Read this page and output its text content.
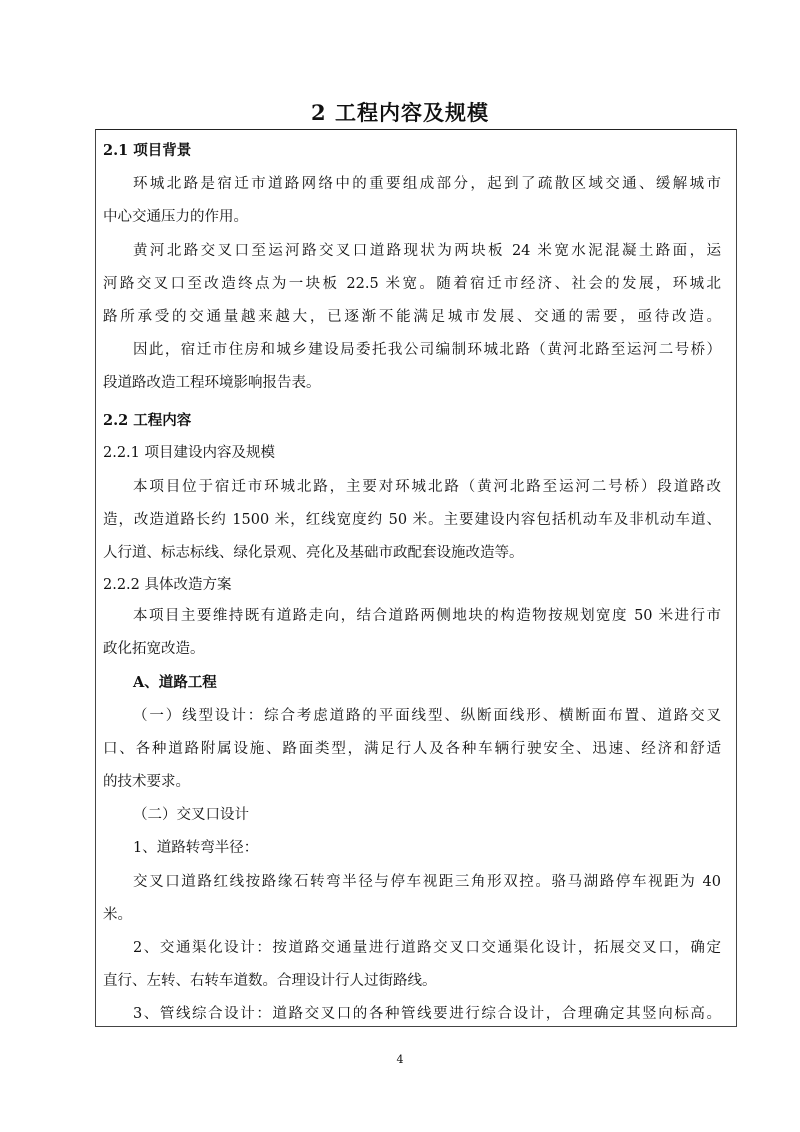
2 工程内容及规模
2.1 项目背景
环城北路是宿迁市道路网络中的重要组成部分，起到了疏散区域交通、缓解城市
中心交通压力的作用。
黄河北路交叉口至运河路交叉口道路现状为两块板 24 米宽水泥混凝土路面，运
河路交叉口至改造终点为一块板 22.5 米宽。随着宿迁市经济、社会的发展，环城北
路所承受的交通量越来越大，已逐渐不能满足城市发展、交通的需要，亟待改造。
因此，宿迁市住房和城乡建设局委托我公司编制环城北路（黄河北路至运河二号桥）
段道路改造工程环境影响报告表。
2.2 工程内容
2.2.1 项目建设内容及规模
本项目位于宿迁市环城北路，主要对环城北路（黄河北路至运河二号桥）段道路改
造，改造道路长约 1500 米，红线宽度约 50 米。主要建设内容包括机动车及非机动车道、
人行道、标志标线、绿化景观、亮化及基础市政配套设施改造等。
2.2.2 具体改造方案
本项目主要维持既有道路走向，结合道路两侧地块的构造物按规划宽度 50 米进行市
政化拓宽改造。
A、道路工程
（一）线型设计：综合考虑道路的平面线型、纵断面线形、横断面布置、道路交叉
口、各种道路附属设施、路面类型，满足行人及各种车辆行驶安全、迅速、经济和舒适
的技术要求。
（二）交叉口设计
1、道路转弯半径：
交叉口道路红线按路缘石转弯半径与停车视距三角形双控。骆马湖路停车视距为 40
米。
2、交通渠化设计：按道路交通量进行道路交叉口交通渠化设计，拓展交叉口，确定
直行、左转、右转车道数。合理设计行人过街路线。
3、管线综合设计：道路交叉口的各种管线要进行综合设计，合理确定其竖向标高。
4
